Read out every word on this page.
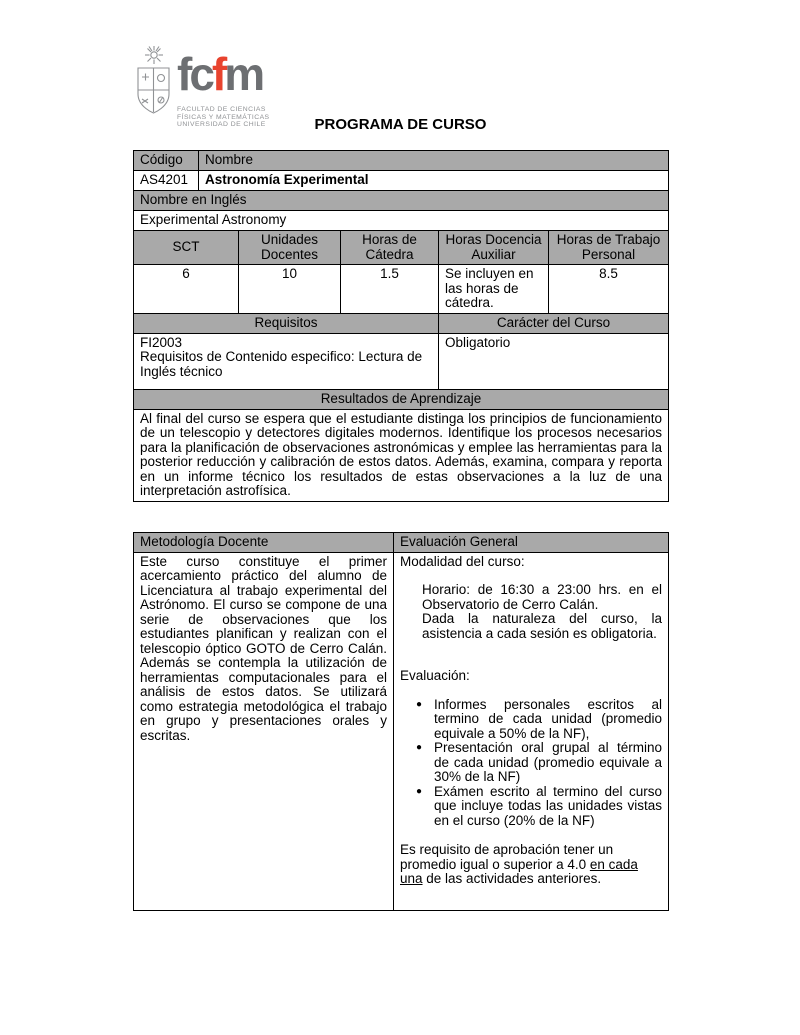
fcfm
FACULTAD DE CIENCIAS
FÍSICAS Y MATEMÁTICAS
UNIVERSIDAD DE CHILE	PROGRAMA DE CURSO
Código	Nombre				
AS4201	Astronomía Experimental				
Nombre en Inglés					
Experimental Astronomy					
SCT		Unidades Docentes	Horas de Cátedra	Horas Docencia Auxiliar	Horas de Trabajo Personal
6		10	1.5	Se incluyen en las horas de cátedra.	8.5
Requisitos				Carácter del Curso	

FI2003
Requisitos de Contenido especifico: Lectura de Inglés técnico				Obligatorio	
Resultados de Aprendizaje					
Al final del curso se espera que el estudiante distinga los principios de funcionamiento de un telescopio y detectores digitales modernos. Identifique los procesos necesarios para la planificación de observaciones astronómicas y emplee las herramientas para la posterior reducción y calibración de estos datos. Además, examina, compara y reporta en un informe técnico los resultados de estas observaciones a la luz de una interpretación astrofísica.					
Metodología Docente	Evaluación General
Este curso constituye el primer acercamiento práctico del alumno de Licenciatura al trabajo experimental del Astrónomo. El curso se compone de una serie de observaciones que los estudiantes planifican y realizan con el telescopio óptico GOTO de Cerro Calán. Además se contempla la utilización de herramientas computacionales para el análisis de estos datos. Se utilizará como estrategia metodológica el trabajo en grupo y presentaciones orales y escritas.	
Modalidad del curso:
Horario: de 16:30 a 23:00 hrs. en el Observatorio de Cerro Calán.
Dada la naturaleza del curso, la asistencia a cada sesión es obligatoria.
Evaluación:
● Informes personales escritos al termino de cada unidad (promedio equivale a 50% de la NF),
● Presentación oral grupal al término de cada unidad (promedio equivale a 30% de la NF)
● Exámen escrito al termino del curso que incluye todas las unidades vistas en el curso (20% de la NF)
Es requisito de aprobación tener un promedio igual o superior a 4.0 en cada una de las actividades anteriores.
